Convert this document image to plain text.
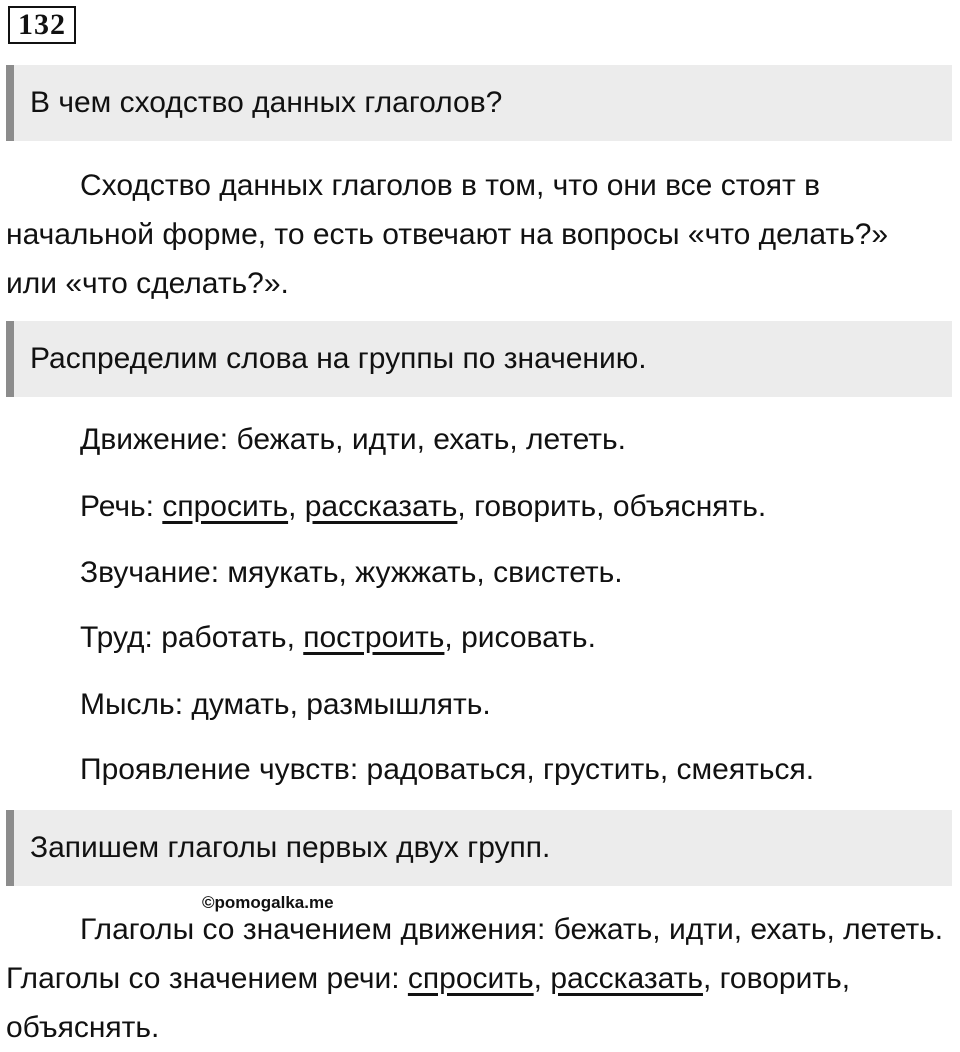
132
В чем сходство данных глаголов?

Сходство данных глаголов в том, что они все стоят в начальной форме, то есть отвечают на вопросы «что делать?» или «что сделать?».

Распределим слова на группы по значению.
Движение: бежать, идти, ехать, лететь.
Речь: спросить, рассказать, говорить, объяснять.
Звучание: мяукать, жужжать, свистеть.
Труд: работать, построить, рисовать.
Мысль: думать, размышлять.
Проявление чувств: радоваться, грустить, смеяться.
Запишем глаголы первых двух групп.
©pomogalka.me

Глаголы со значением движения: бежать, идти, ехать, лететь. Глаголы со значением речи: спросить, рассказать, говорить, объяснять.
